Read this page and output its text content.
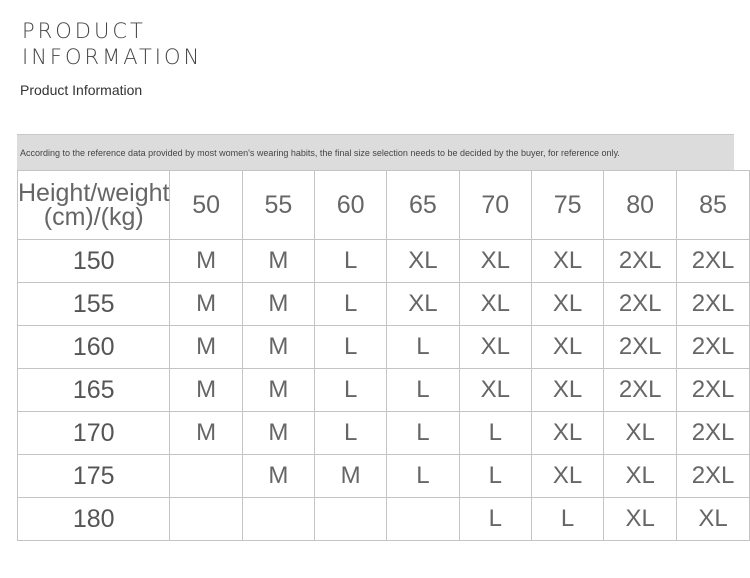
PRODUCT
INFORMATION
Product Information
According to the reference data provided by most women's wearing habits, the final size selection needs to be decided by the buyer, for reference only.
Height/weight
(cm)/(kg)	50	55	60	65	70	75	80	85
150	M	M	L	XL	XL	XL	2XL	2XL
155	M	M	L	XL	XL	XL	2XL	2XL
160	M	M	L	L	XL	XL	2XL	2XL
165	M	M	L	L	XL	XL	2XL	2XL
170	M	M	L	L	L	XL	XL	2XL
175		M	M	L	L	XL	XL	2XL
180					L	L	XL	XL
